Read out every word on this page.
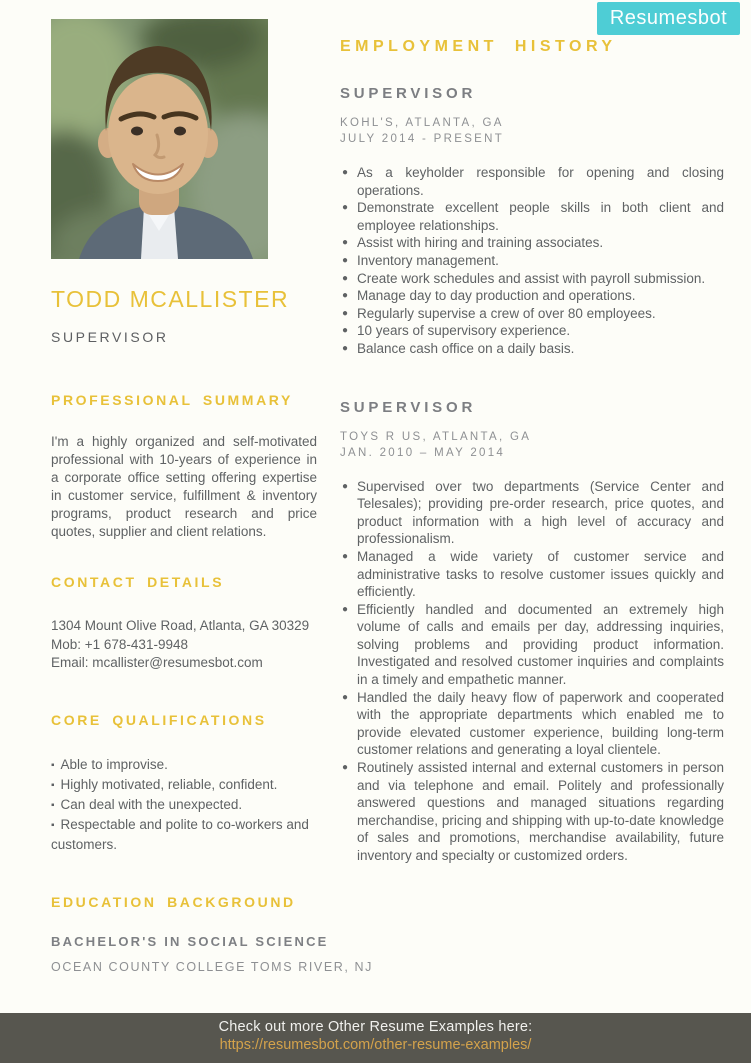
Resumesbot
TODD MCALLISTER
SUPERVISOR
PROFESSIONAL SUMMARY

I'm a highly organized and self-motivated professional with 10-years of experience in a corporate office setting offering expertise in customer service, fulfillment & inventory programs, product research and price quotes, supplier and client relations.

CONTACT DETAILS
1304 Mount Olive Road, Atlanta, GA 30329
Mob: +1 678-431-9948
Email: mcallister@resumesbot.com
CORE QUALIFICATIONS
▪ Able to improvise.
▪ Highly motivated, reliable, confident.
▪ Can deal with the unexpected.
▪ Respectable and polite to co-workers and customers.
EDUCATION BACKGROUND
BACHELOR'S IN SOCIAL SCIENCE
OCEAN COUNTY COLLEGE TOMS RIVER, NJ
EMPLOYMENT HISTORY
SUPERVISOR
KOHL'S, ATLANTA, GA
JULY 2014 - PRESENT
● As a keyholder responsible for opening and closing operations.
● Demonstrate excellent people skills in both client and employee relationships.
● Assist with hiring and training associates.
● Inventory management.
● Create work schedules and assist with payroll submission.
● Manage day to day production and operations.
● Regularly supervise a crew of over 80 employees.
● 10 years of supervisory experience.
● Balance cash office on a daily basis.
SUPERVISOR
TOYS R US, ATLANTA, GA
JAN. 2010 – MAY 2014
● Supervised over two departments (Service Center and Telesales); providing pre-order research, price quotes, and product information with a high level of accuracy and professionalism.
● Managed a wide variety of customer service and administrative tasks to resolve customer issues quickly and efficiently.
● Efficiently handled and documented an extremely high volume of calls and emails per day, addressing inquiries, solving problems and providing product information. Investigated and resolved customer inquiries and complaints in a timely and empathetic manner.
● Handled the daily heavy flow of paperwork and cooperated with the appropriate departments which enabled me to provide elevated customer experience, building long-term customer relations and generating a loyal clientele.
● Routinely assisted internal and external customers in person and via telephone and email. Politely and professionally answered questions and managed situations regarding merchandise, pricing and shipping with up-to-date knowledge of sales and promotions, merchandise availability, future inventory and specialty or customized orders.
Check out more Other Resume Examples here:
https://resumesbot.com/other-resume-examples/
